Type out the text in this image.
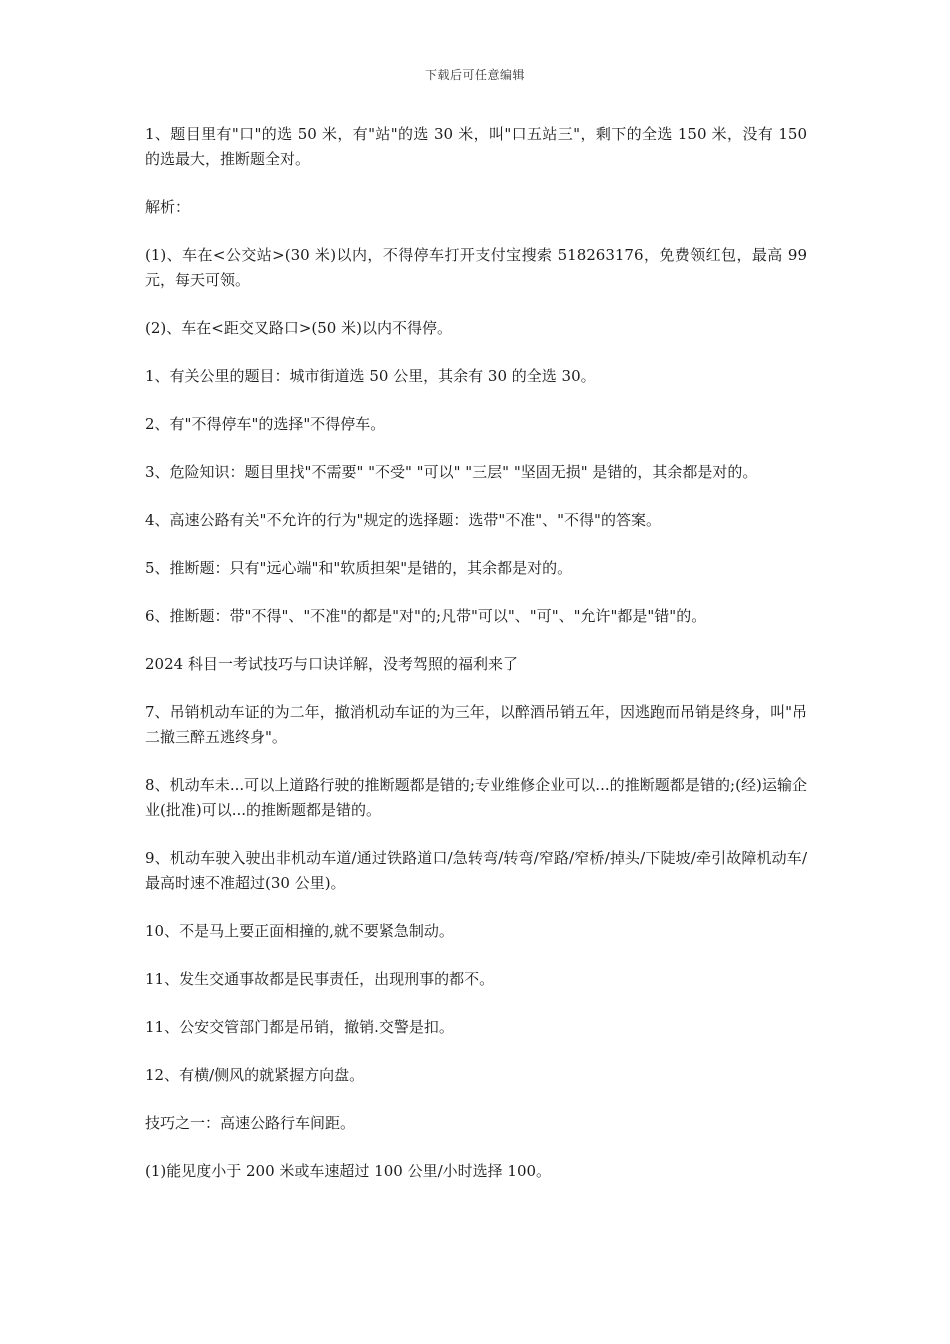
下载后可任意编辑

1、题目里有"口"的选 50 米，有"站"的选 30 米，叫"口五站三"，剩下的全选 150 米，没有 150 的选最大，推断题全对。

解析：

(1)、车在<公交站>(30 米)以内，不得停车打开支付宝搜索 518263176，免费领红包，最高 99 元，每天可领。

(2)、车在<距交叉路口>(50 米)以内不得停。

1、有关公里的题目：城市街道选 50 公里，其余有 30 的全选 30。

2、有"不得停车"的选择"不得停车。

3、危险知识：题目里找"不需要" "不受" "可以" "三层" "坚固无损" 是错的，其余都是对的。

4、高速公路有关"不允许的行为"规定的选择题：选带"不准"、"不得"的答案。

5、推断题：只有"远心端"和"软质担架"是错的，其余都是对的。

6、推断题：带"不得"、"不准"的都是"对"的;凡带"可以"、"可"、"允许"都是"错"的。

2024 科目一考试技巧与口诀详解，没考驾照的福利来了

7、吊销机动车证的为二年，撤消机动车证的为三年，以醉酒吊销五年，因逃跑而吊销是终身，叫"吊二撤三醉五逃终身"。

8、机动车未...可以上道路行驶的推断题都是错的;专业维修企业可以...的推断题都是错的;(经)运输企业(批准)可以...的推断题都是错的。

9、机动车驶入驶出非机动车道/通过铁路道口/急转弯/转弯/窄路/窄桥/掉头/下陡坡/牵引故障机动车/最高时速不准超过(30 公里)。

10、不是马上要正面相撞的,就不要紧急制动。

11、发生交通事故都是民事责任，出现刑事的都不。

11、公安交管部门都是吊销，撤销.交警是扣。

12、有横/侧风的就紧握方向盘。

技巧之一：高速公路行车间距。

(1)能见度小于 200 米或车速超过 100 公里/小时选择 100。
